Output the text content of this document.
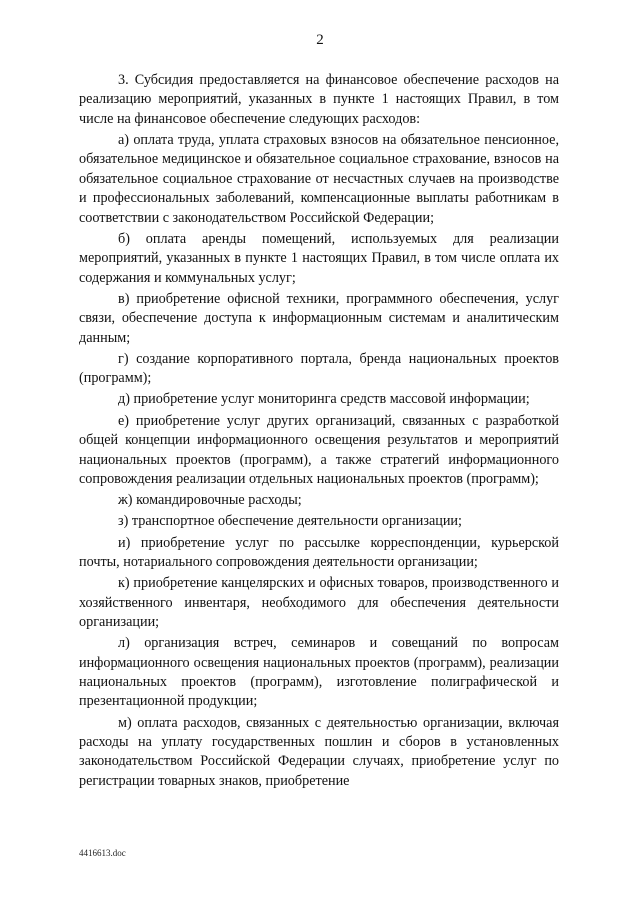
2

3. Субсидия предоставляется на финансовое обеспечение расходов на реализацию мероприятий, указанных в пункте 1 настоящих Правил, в том числе на финансовое обеспечение следующих расходов:

а) оплата труда, уплата страховых взносов на обязательное пенсионное, обязательное медицинское и обязательное социальное страхование, взносов на обязательное социальное страхование от несчастных случаев на производстве и профессиональных заболеваний, компенсационные выплаты работникам в соответствии с законодательством Российской Федерации;

б) оплата аренды помещений, используемых для реализации мероприятий, указанных в пункте 1 настоящих Правил, в том числе оплата их содержания и коммунальных услуг;

в) приобретение офисной техники, программного обеспечения, услуг связи, обеспечение доступа к информационным системам и аналитическим данным;

г) создание корпоративного портала, бренда национальных проектов (программ);

д) приобретение услуг мониторинга средств массовой информации;

е) приобретение услуг других организаций, связанных с разработкой общей концепции информационного освещения результатов и мероприятий национальных проектов (программ), а также стратегий информационного сопровождения реализации отдельных национальных проектов (программ);

ж) командировочные расходы;

з) транспортное обеспечение деятельности организации;

и) приобретение услуг по рассылке корреспонденции, курьерской почты, нотариального сопровождения деятельности организации;

к) приобретение канцелярских и офисных товаров, производственного и хозяйственного инвентаря, необходимого для обеспечения деятельности организации;

л) организация встреч, семинаров и совещаний по вопросам информационного освещения национальных проектов (программ), реализации национальных проектов (программ), изготовление полиграфической и презентационной продукции;

м) оплата расходов, связанных с деятельностью организации, включая расходы на уплату государственных пошлин и сборов в установленных законодательством Российской Федерации случаях, приобретение услуг по регистрации товарных знаков, приобретение

4416613.doc
